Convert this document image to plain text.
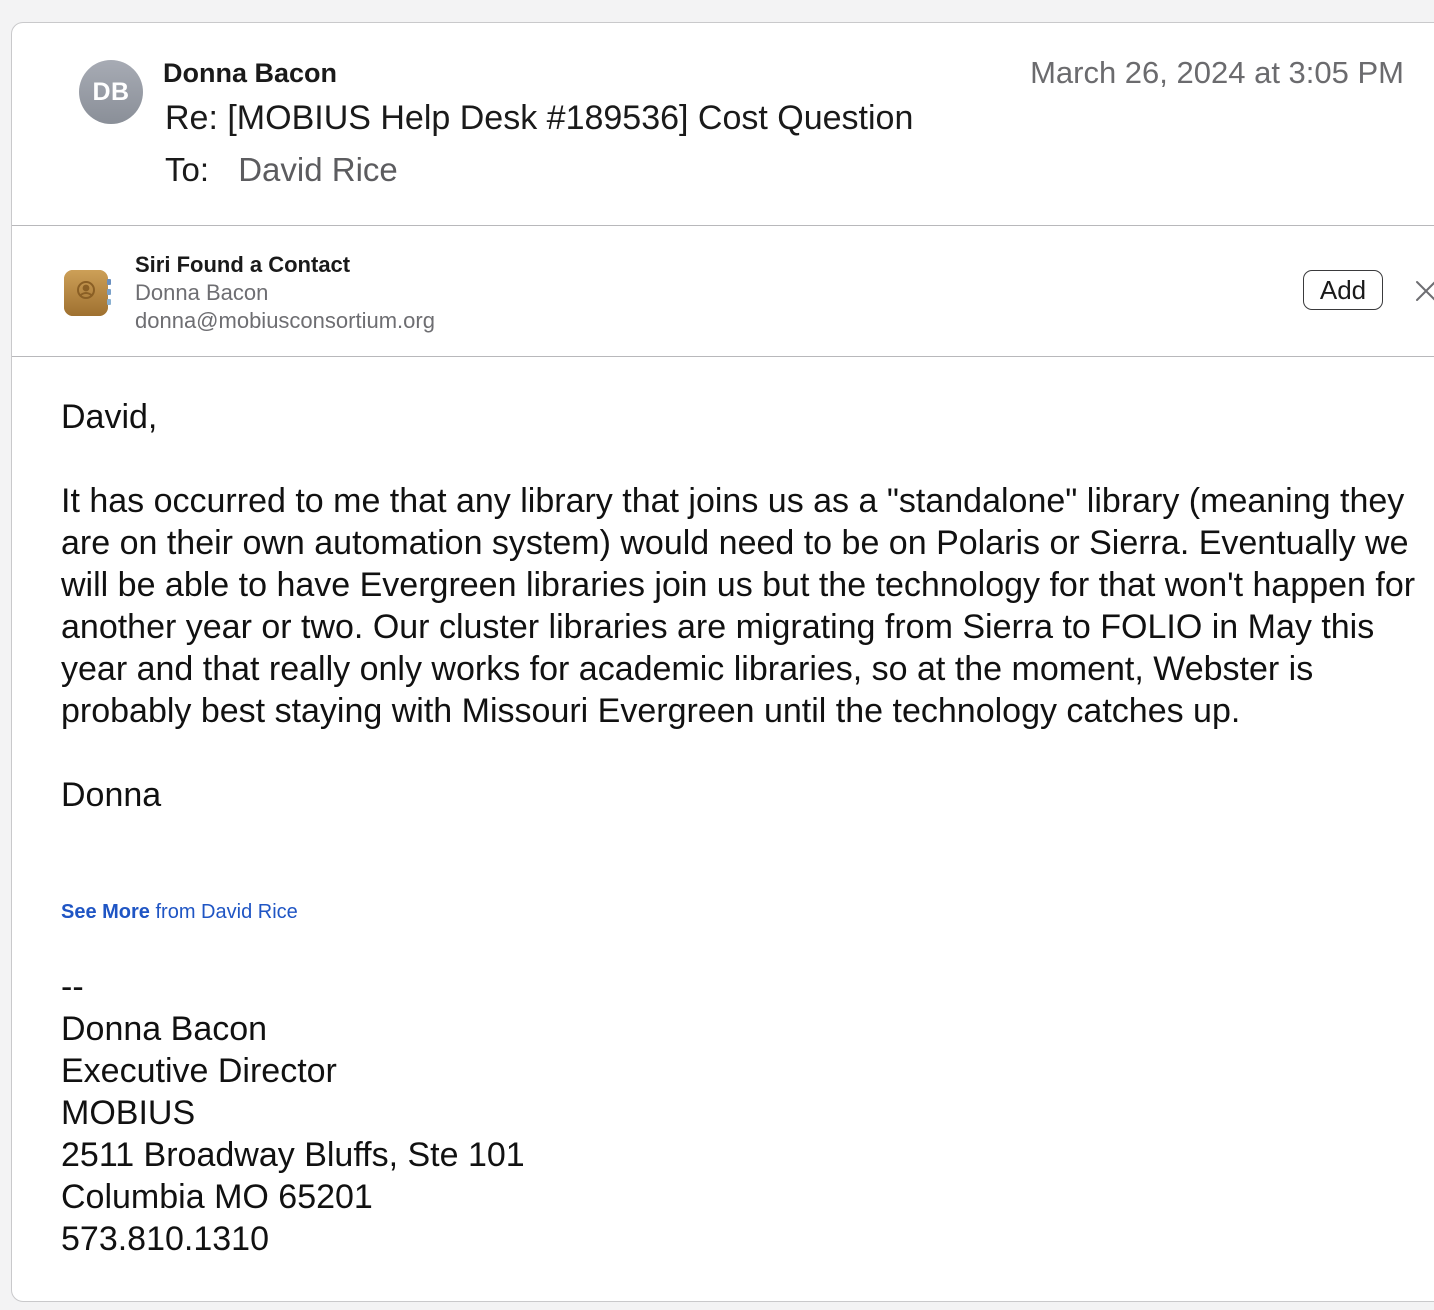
DB
Donna Bacon	March 26, 2024 at 3:05 PM
Re: [MOBIUS Help Desk #189536] Cost Question
To: David Rice
Siri Found a Contact
Donna Bacon
donna@mobiusconsortium.org
Add

David,

It has occurred to me that any library that joins us as a "standalone" library (meaning they are on their own automation system) would need to be on Polaris or Sierra. Eventually we will be able to have Evergreen libraries join us but the technology for that won't happen for another year or two. Our cluster libraries are migrating from Sierra to FOLIO in May this year and that really only works for academic libraries, so at the moment, Webster is probably best staying with Missouri Evergreen until the technology catches up.

Donna

See More from David Rice
--
Donna Bacon
Executive Director
MOBIUS
2511 Broadway Bluffs, Ste 101
Columbia MO 65201
573.810.1310
